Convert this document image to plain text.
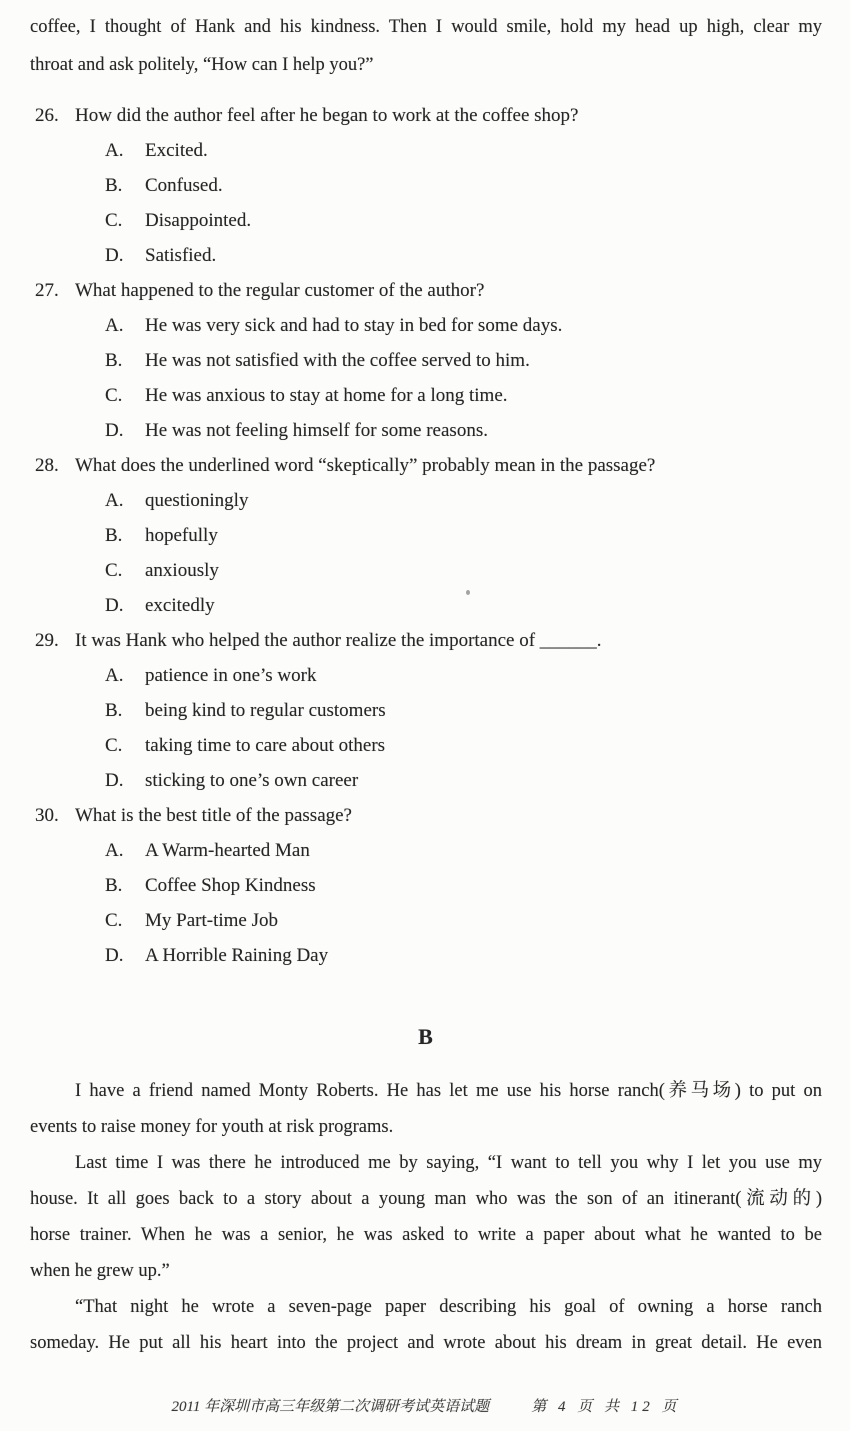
coffee, I thought of Hank and his kindness. Then I would smile, hold my head up high, clear my
throat and ask politely, “How can I help you?”
26. How did the author feel after he began to work at the coffee shop?
A.	Excited.
B.	Confused.
C.	Disappointed.
D.	Satisfied.
27. What happened to the regular customer of the author?
A.	He was very sick and had to stay in bed for some days.
B.	He was not satisfied with the coffee served to him.
C.	He was anxious to stay at home for a long time.
D.	He was not feeling himself for some reasons.
28. What does the underlined word “skeptically” probably mean in the passage?
A.	questioningly
B.	hopefully
C.	anxiously
D.	excitedly
29. It was Hank who helped the author realize the importance of ______.
A.	patience in one’s work
B.	being kind to regular customers
C.	taking time to care about others
D.	sticking to one’s own career
30. What is the best title of the passage?
A.	A Warm-hearted Man
B.	Coffee Shop Kindness
C.	My Part-time Job
D.	A Horrible Raining Day
B
I have a friend named Monty Roberts. He has let me use his horse ranch(养马场) to put on
events to raise money for youth at risk programs.
Last time I was there he introduced me by saying, “I want to tell you why I let you use my
house. It all goes back to a story about a young man who was the son of an itinerant(流动的)
horse trainer. When he was a senior, he was asked to write a paper about what he wanted to be
when he grew up.”
“That night he wrote a seven-page paper describing his goal of owning a horse ranch
someday. He put all his heart into the project and wrote about his dream in great detail. He even
2011 年深圳市高三年级第二次调研考试英语试题	第 4 页 共 12 页
